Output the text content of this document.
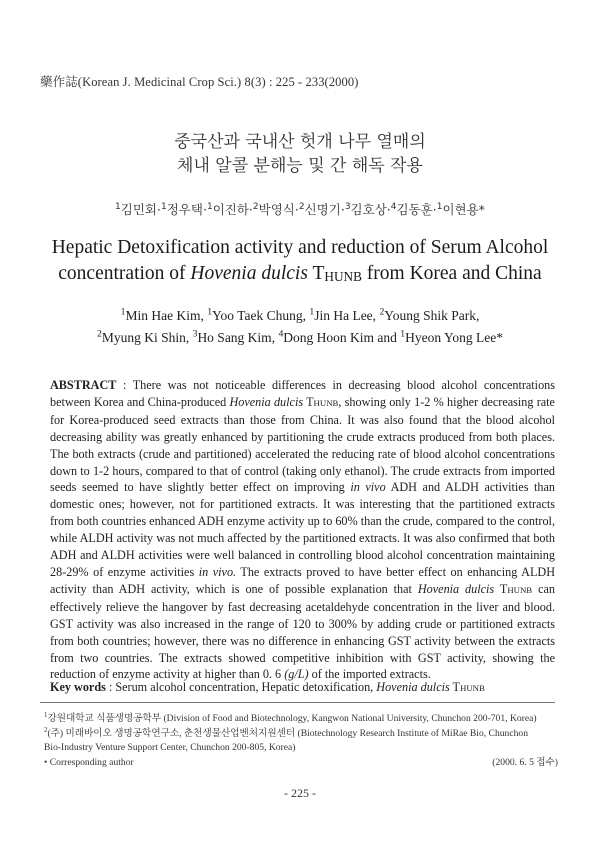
藥作誌(Korean J. Medicinal Crop Sci.) 8(3) : 225 - 233(2000)
중국산과 국내산 헛개 나무 열매의
체내 알콜 분해능 및 간 해독 작용
$^1$김민회·$^1$정우택·$^1$이진하·$^2$박영식·$^2$신명기·$^3$김호상·$^4$김동훈·$^1$이현용*
Hepatic Detoxification activity and reduction of Serum Alcohol
concentration of Hovenia dulcis THUNB from Korea and China
$^1$Min Hae Kim, $^1$Yoo Taek Chung, $^1$Jin Ha Lee, $^2$Young Shik Park,
$^2$Myung Ki Shin, $^3$Ho Sang Kim, $^4$Dong Hoon Kim and $^1$Hyeon Yong Lee*
ABSTRACT : There was not noticeable differences in decreasing blood alcohol concentrations between Korea and China-produced Hovenia dulcis THUNB, showing only 1-2 % higher decreasing rate for Korea-produced seed extracts than those from China. It was also found that the blood alcohol decreasing ability was greatly enhanced by partitioning the crude extracts produced from both places. The both extracts (crude and partitioned) accelerated the reducing rate of blood alcohol concentrations down to 1-2 hours, compared to that of control (taking only ethanol). The crude extracts from imported seeds seemed to have slightly better effect on improving in vivo ADH and ALDH activities than domestic ones; however, not for partitioned extracts. It was interesting that the partitioned extracts from both countries enhanced ADH enzyme activity up to 60% than the crude, compared to the control, while ALDH activity was not much affected by the partitioned extracts. It was also confirmed that both ADH and ALDH activities were well balanced in controlling blood alcohol concentration maintaining 28-29% of enzyme activities in vivo. The extracts proved to have better effect on enhancing ALDH activity than ADH activity, which is one of possible explanation that Hovenia dulcis THUNB can effectively relieve the hangover by fast decreasing acetaldehyde concentration in the liver and blood. GST activity was also increased in the range of 120 to 300% by adding crude or partitioned extracts from both countries; however, there was no difference in enhancing GST activity between the extracts from two countries. The extracts showed competitive inhibition with GST activity, showing the reduction of enzyme activity at higher than 0. 6 (g/L) of the imported extracts.
Key words : Serum alcohol concentration, Hepatic detoxification, Hovenia dulcis THUNB
$^1$강원대학교 식품생명공학부 (Division of Food and Biotechnology, Kangwon National University, Chunchon 200-701, Korea)
$^2$(주) 미래바이오 생명공학연구소, 춘천생물산업벤처지원센터 (Biotechnology Research Institute of MiRae Bio, Chunchon
Bio-Industry Venture Support Center, Chunchon 200-805, Korea)
• Corresponding author	(2000. 6. 5 접수)
- 225 -
